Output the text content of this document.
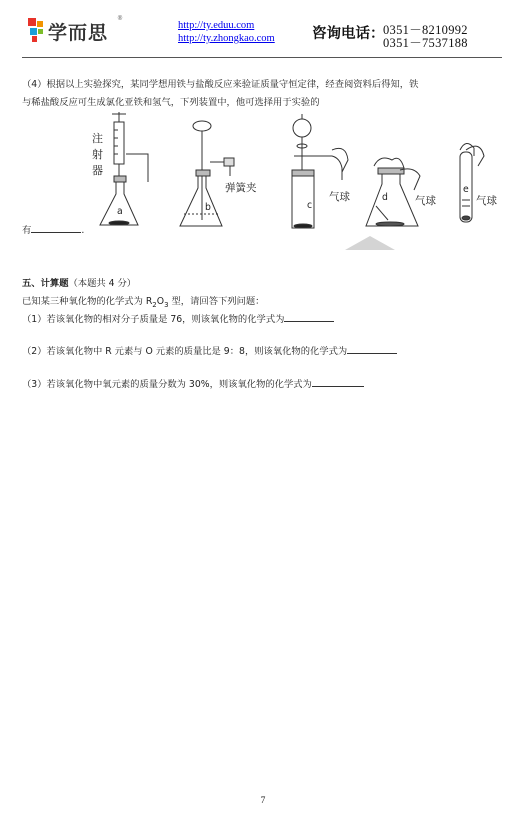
学而思
®
http://ty.eduu.com
http://ty.zhongkao.com	咨询电话：
0351－8210992
0351－7537188
（4）根据以上实验探究，某同学想用铁与盐酸反应来验证质量守恒定律，经查阅资料后得知，铁
与稀盐酸反应可生成氯化亚铁和氢气，下列装置中，他可选择用于实验的
有	.
注
射
器
弹簧夹
气球	气球	气球
a	b	c
d
e
五、计算题（本题共 4 分）
已知某三种氧化物的化学式为 $R_2O_3$ 型，请回答下列问题：
（1）若该氧化物的相对分子质量是 76，则该氧化物的化学式为
（2）若该氧化物中 R 元素与 O 元素的质量比是 9：8，则该氧化物的化学式为
（3）若该氧化物中氧元素的质量分数为 30%，则该氧化物的化学式为
7
